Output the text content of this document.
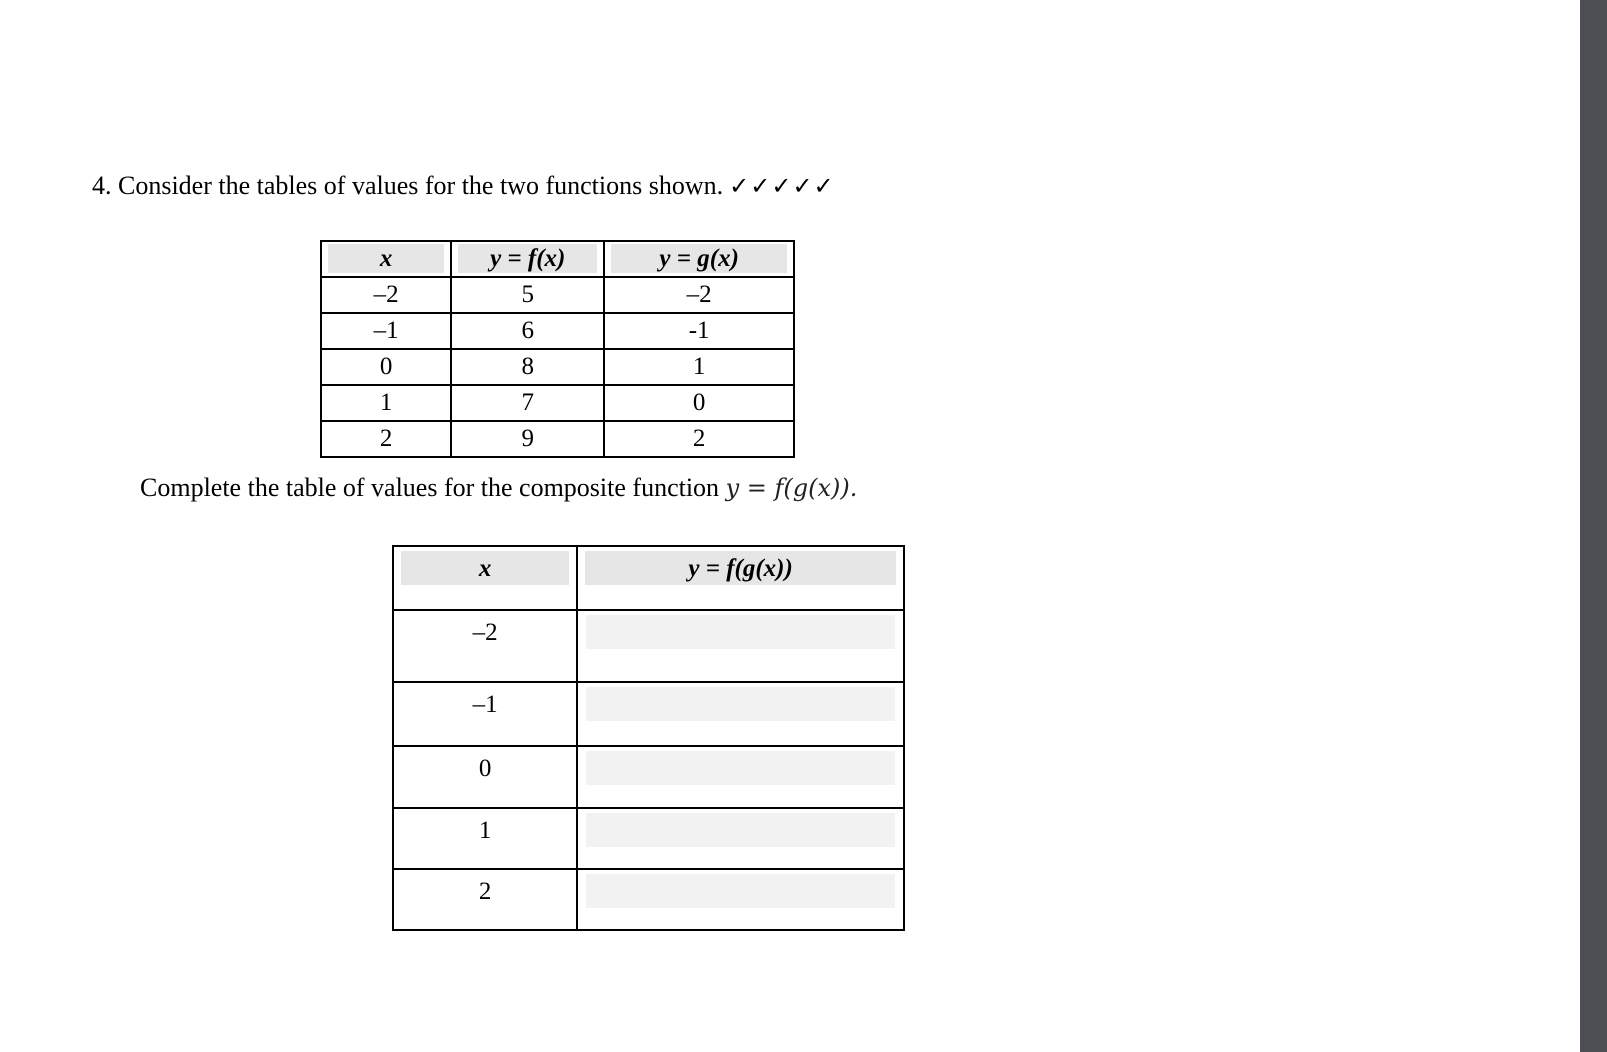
4. Consider the tables of values for the two functions shown. ✓✓✓✓✓
x	y = f(x)	y = g(x)
–2	5	–2
–1	6	-1
0	8	1
1	7	0
2	9	2
Complete the table of values for the composite function y = f(g(x)).
x	y = f(g(x))

–2	

–1	

0	

1	

2	
